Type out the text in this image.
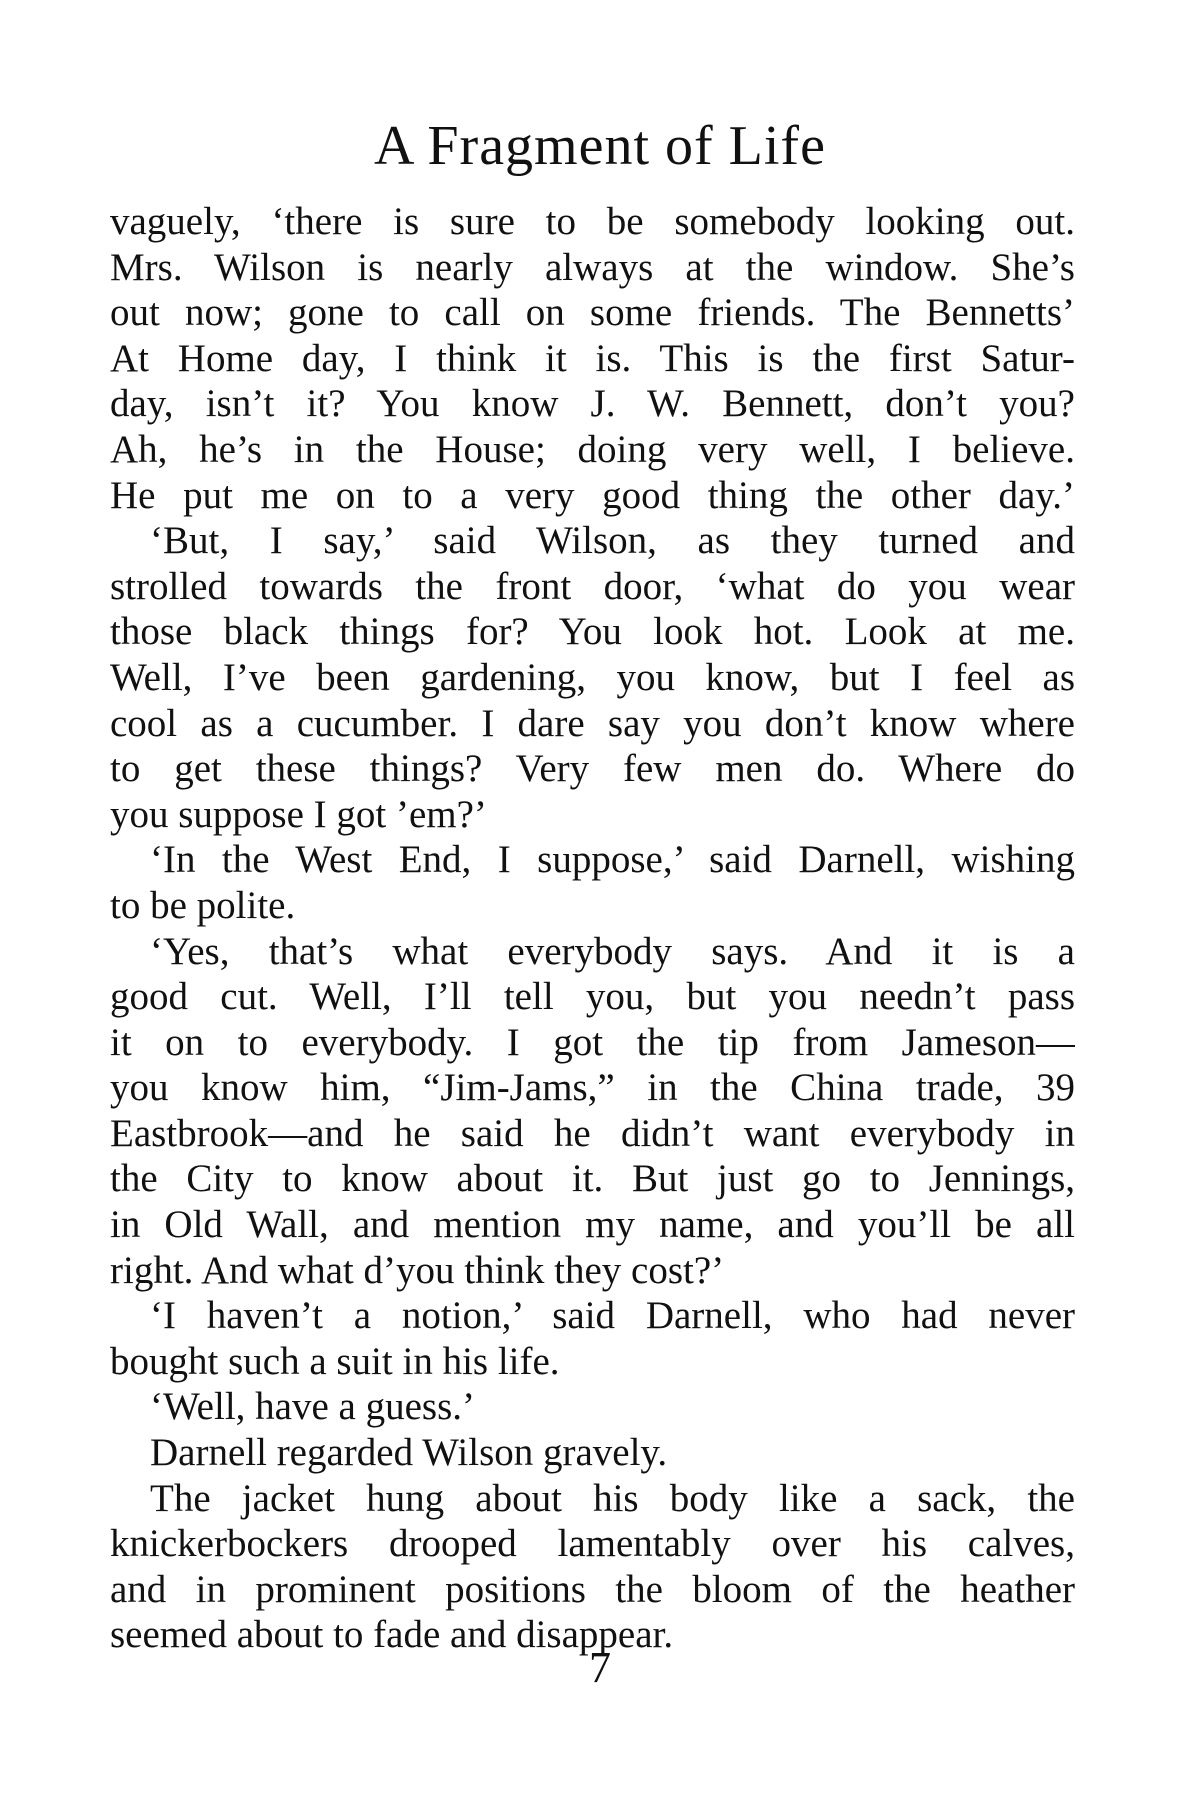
A Fragment of Life
vaguely, ‘there is sure to be somebody looking out.
Mrs. Wilson is nearly always at the window. She’s
out now; gone to call on some friends. The Bennetts’
At Home day, I think it is. This is the first Satur-
day, isn’t it? You know J. W. Bennett, don’t you?
Ah, he’s in the House; doing very well, I believe.
He put me on to a very good thing the other day.’
‘But, I say,’ said Wilson, as they turned and
strolled towards the front door, ‘what do you wear
those black things for? You look hot. Look at me.
Well, I’ve been gardening, you know, but I feel as
cool as a cucumber. I dare say you don’t know where
to get these things? Very few men do. Where do
you suppose I got ’em?’
‘In the West End, I suppose,’ said Darnell, wishing
to be polite.
‘Yes, that’s what everybody says. And it is a
good cut. Well, I’ll tell you, but you needn’t pass
it on to everybody. I got the tip from Jameson—
you know him, “Jim-Jams,” in the China trade, 39
Eastbrook—and he said he didn’t want everybody in
the City to know about it. But just go to Jennings,
in Old Wall, and mention my name, and you’ll be all
right. And what d’you think they cost?’
‘I haven’t a notion,’ said Darnell, who had never
bought such a suit in his life.
‘Well, have a guess.’
Darnell regarded Wilson gravely.
The jacket hung about his body like a sack, the
knickerbockers drooped lamentably over his calves,
and in prominent positions the bloom of the heather
seemed about to fade and disappear.
7
